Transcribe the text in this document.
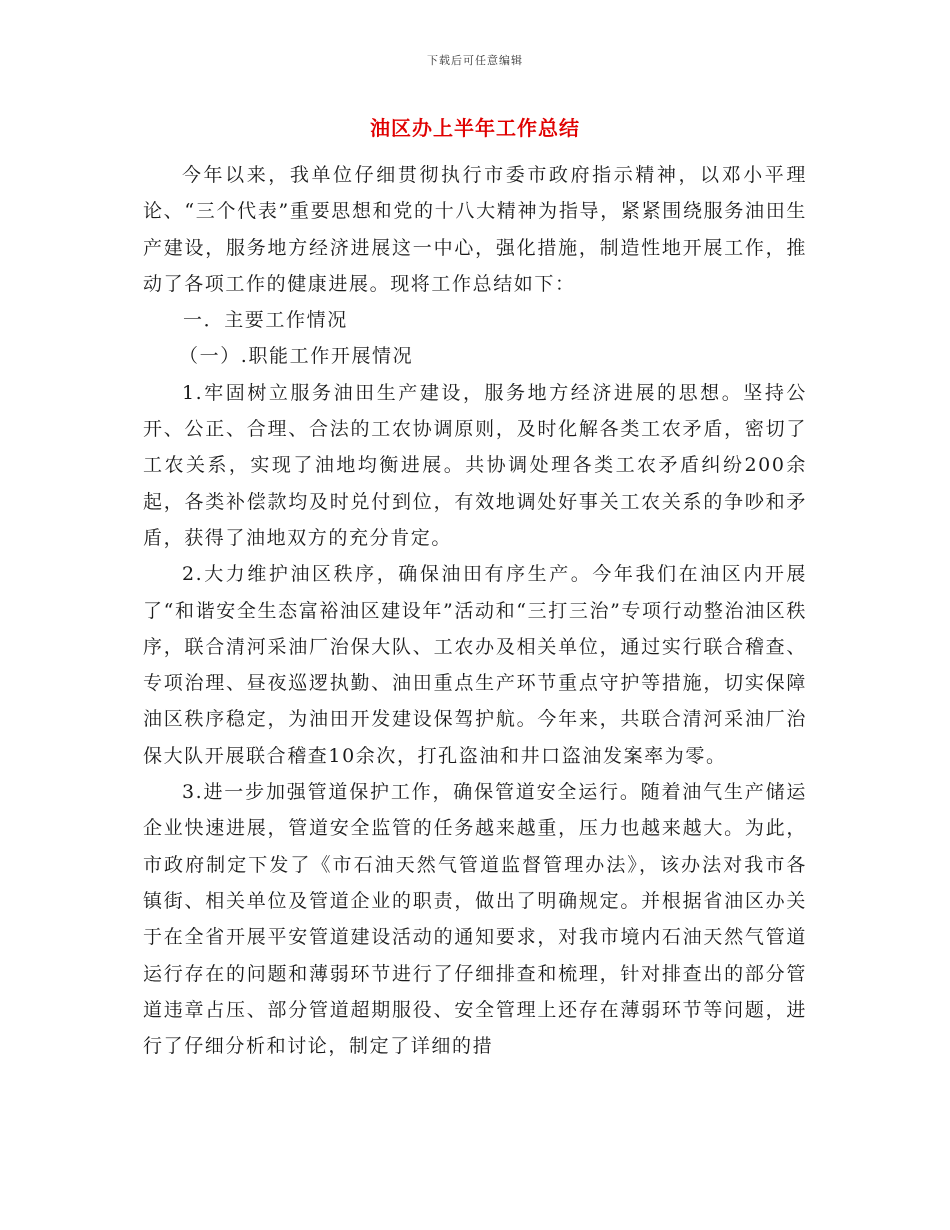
下载后可任意编辑
油区办上半年工作总结

今年以来，我单位仔细贯彻执行市委市政府指示精神，以邓小平理论、“三个代表”重要思想和党的十八大精神为指导，紧紧围绕服务油田生产建设，服务地方经济进展这一中心，强化措施，制造性地开展工作，推动了各项工作的健康进展。现将工作总结如下：

一．主要工作情况

（一）.职能工作开展情况

1.牢固树立服务油田生产建设，服务地方经济进展的思想。坚持公开、公正、合理、合法的工农协调原则，及时化解各类工农矛盾，密切了工农关系，实现了油地均衡进展。共协调处理各类工农矛盾纠纷200余起，各类补偿款均及时兑付到位，有效地调处好事关工农关系的争吵和矛盾，获得了油地双方的充分肯定。

2.大力维护油区秩序，确保油田有序生产。今年我们在油区内开展了“和谐安全生态富裕油区建设年”活动和“三打三治”专项行动整治油区秩序，联合清河采油厂治保大队、工农办及相关单位，通过实行联合稽查、专项治理、昼夜巡逻执勤、油田重点生产环节重点守护等措施，切实保障油区秩序稳定，为油田开发建设保驾护航。今年来，共联合清河采油厂治保大队开展联合稽查10余次，打孔盗油和井口盗油发案率为零。

3.进一步加强管道保护工作，确保管道安全运行。随着油气生产储运企业快速进展，管道安全监管的任务越来越重，压力也越来越大。为此，市政府制定下发了《市石油天然气管道监督管理办法》，该办法对我市各镇街、相关单位及管道企业的职责，做出了明确规定。并根据省油区办关于在全省开展平安管道建设活动的通知要求，对我市境内石油天然气管道运行存在的问题和薄弱环节进行了仔细排查和梳理，针对排查出的部分管道违章占压、部分管道超期服役、安全管理上还存在薄弱环节等问题，进行了仔细分析和讨论，制定了详细的措
